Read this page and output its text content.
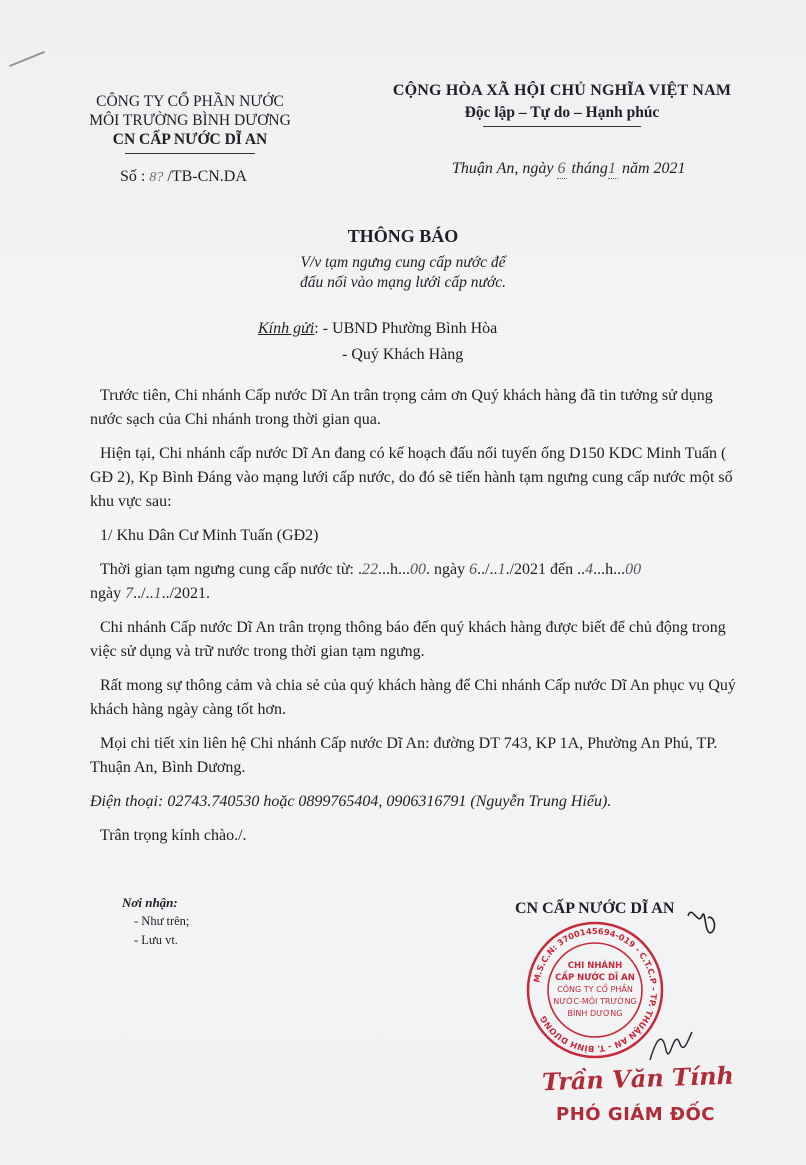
CÔNG TY CỔ PHẦN NƯỚC
MÔI TRƯỜNG BÌNH DƯƠNG
CN CẤP NƯỚC DĨ AN
CỘNG HÒA XÃ HỘI CHỦ NGHĨA VIỆT NAM
Độc lập – Tự do – Hạnh phúc
Số : 8? /TB-CN.DA	Thuận An, ngày 6 tháng1 năm 2021
THÔNG BÁO
V/v tạm ngưng cung cấp nước để
đấu nối vào mạng lưới cấp nước.
Kính gửi: - UBND Phường Bình Hòa
- Quý Khách Hàng

Trước tiên, Chi nhánh Cấp nước Dĩ An trân trọng cảm ơn Quý khách hàng đã tin tưởng sử dụng nước sạch của Chi nhánh trong thời gian qua.

Hiện tại, Chi nhánh cấp nước Dĩ An đang có kế hoạch đấu nối tuyến ống D150 KDC Minh Tuấn ( GĐ 2), Kp Bình Đáng vào mạng lưới cấp nước, do đó sẽ tiến hành tạm ngưng cung cấp nước một số khu vực sau:

1/ Khu Dân Cư Minh Tuấn (GĐ2)

Thời gian tạm ngưng cung cấp nước từ: .22...h...00. ngày 6../..1./2021 đến ..4...h...00
ngày 7../..1../2021.

Chi nhánh Cấp nước Dĩ An trân trọng thông báo đến quý khách hàng được biết để chủ động trong việc sử dụng và trữ nước trong thời gian tạm ngưng.

Rất mong sự thông cảm và chia sẻ của quý khách hàng để Chi nhánh Cấp nước Dĩ An phục vụ Quý khách hàng ngày càng tốt hơn.

Mọi chi tiết xin liên hệ Chi nhánh Cấp nước Dĩ An: đường DT 743, KP 1A, Phường An Phú, TP. Thuận An, Bình Dương.

Điện thoại: 02743.740530 hoặc 0899765404, 0906316791 (Nguyễn Trung Hiếu).

Trân trọng kính chào./.

Nơi nhận:
- Như trên;
- Lưu vt.
CN CẤP NƯỚC DĨ AN
M.S.C.N: 3700145694-019 - C.T.C.P - TP. THUẬN AN - T. BÌNH DƯƠNG
CHI NHÁNH
CẤP NƯỚC DĨ AN
CÔNG TY CỔ PHẦN
NƯỚC-MÔI TRƯỜNG
BÌNH DƯƠNG
Trần Văn Tính
PHÓ GIÁM ĐỐC
